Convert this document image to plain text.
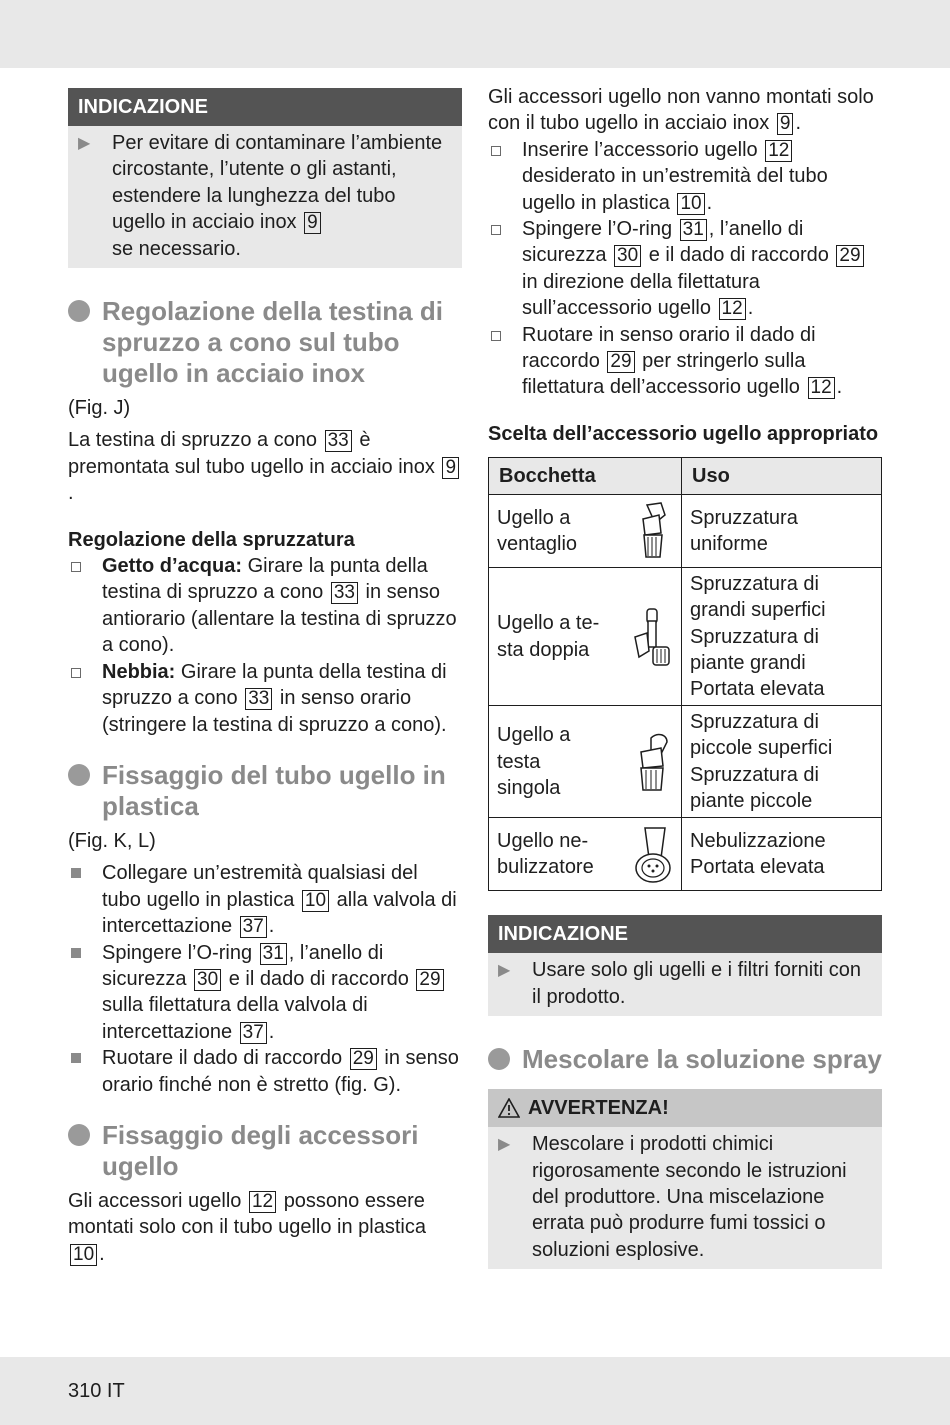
INDICAZIONE
▶	Per evitare di contaminare l’ambiente circostante, l’utente o gli astanti, estendere la lunghezza del tubo ugello in acciaio inox 9
se necessario.
Regolazione della testina di spruzzo a cono sul tubo ugello in acciaio inox

(Fig. J)

La testina di spruzzo a cono 33 è premontata sul tubo ugello in acciaio inox 9.

Regolazione della spruzzatura

Getto d’acqua: Girare la punta della testina di spruzzo a cono 33 in senso antiorario (allentare la testina di spruzzo a cono).
Nebbia: Girare la punta della testina di spruzzo a cono 33 in senso orario (stringere la testina di spruzzo a cono).
Fissaggio del tubo ugello in plastica

(Fig. K, L)

Collegare un’estremità qualsiasi del tubo ugello in plastica 10 alla valvola di intercettazione 37 .
Spingere l’O-ring 31 , l’anello di sicurezza 30 e il dado di raccordo 29 sulla filettatura della valvola di intercettazione 37 .
Ruotare il dado di raccordo 29 in senso orario finché non è stretto (fig. G).
Fissaggio degli accessori ugello

Gli accessori ugello 12 possono essere montati solo con il tubo ugello in plastica 10 .

Gli accessori ugello non vanno montati solo con il tubo ugello in acciaio inox 9 .

Inserire l’accessorio ugello 12 desiderato in un’estremità del tubo ugello in plastica 10 .
Spingere l’O-ring 31 , l’anello di sicurezza 30 e il dado di raccordo 29 in direzione della filettatura sull’accessorio ugello 12 .
Ruotare in senso orario il dado di raccordo 29 per stringerlo sulla filettatura dell’accessorio ugello 12 .

Scelta dell’accessorio ugello appropriato

Bocchetta	Uso

Ugello a ventaglio	Spruzzatura uniforme

Ugello a te-sta doppia	Spruzzatura di grandi superfici Spruzzatura di piante grandi Portata elevata

Ugello a testa singola	Spruzzatura di piccole superfici Spruzzatura di piante piccole

Ugello ne-bulizzatore	Nebulizzazione Portata elevata
INDICAZIONE
▶	Usare solo gli ugelli e i filtri forniti con il prodotto.
Mescolare la soluzione spray
AVVERTENZA!
▶	Mescolare i prodotti chimici rigorosamente secondo le istruzioni del produttore. Una miscelazione errata può produrre fumi tossici o soluzioni esplosive.
310 IT
